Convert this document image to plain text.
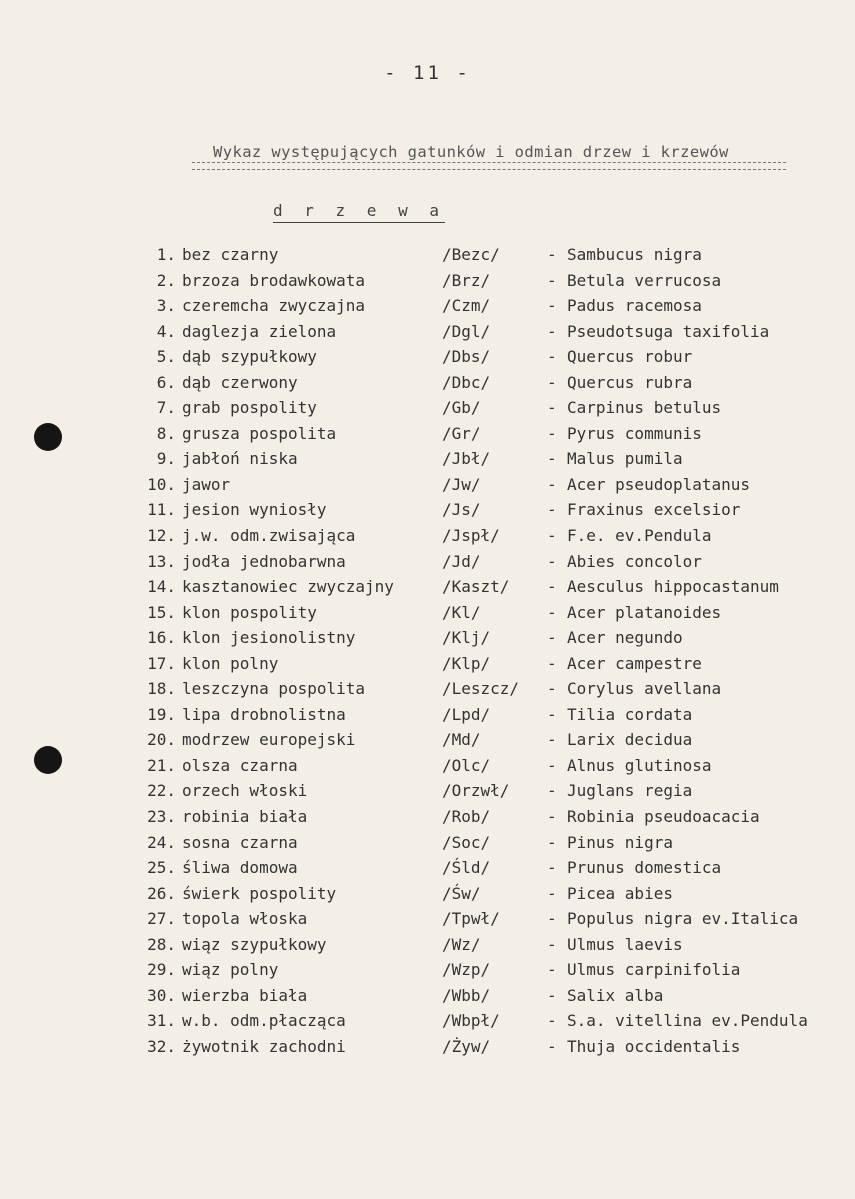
- 11 -
Wykaz występujących gatunków i odmian drzew i krzewów
d r z e w a
1. bez czarny	/Bezc/	- Sambucus nigra
2. brzoza brodawkowata	/Brz/	- Betula verrucosa
3. czeremcha zwyczajna	/Czm/	- Padus racemosa
4. daglezja zielona	/Dgl/	- Pseudotsuga taxifolia
5. dąb szypułkowy	/Dbs/	- Quercus robur
6. dąb czerwony	/Dbc/	- Quercus rubra
7. grab pospolity	/Gb/	- Carpinus betulus
8. grusza pospolita	/Gr/	- Pyrus communis
9. jabłoń niska	/Jbł/	- Malus pumila
10. jawor	/Jw/	- Acer pseudoplatanus
11. jesion wyniosły	/Js/	- Fraxinus excelsior
12. j.w. odm.zwisająca	/Jspł/	- F.e. ev.Pendula
13. jodła jednobarwna	/Jd/	- Abies concolor
14. kasztanowiec zwyczajny	/Kaszt/ - Aesculus hippocastanum
15. klon pospolity	/Kl/	- Acer platanoides
16. klon jesionolistny	/Klj/	- Acer negundo
17. klon polny	/Klp/	- Acer campestre
18. leszczyna pospolita	/Leszcz/ - Corylus avellana
19. lipa drobnolistna	/Lpd/	- Tilia cordata
20. modrzew europejski	/Md/	- Larix decidua
21. olsza czarna	/Olc/	- Alnus glutinosa
22. orzech włoski	/Orzwł/ - Juglans regia
23. robinia biała	/Rob/	- Robinia pseudoacacia
24. sosna czarna	/Soc/	- Pinus nigra
25. śliwa domowa	/Śld/	- Prunus domestica
26. świerk pospolity	/Św/	- Picea abies
27. topola włoska	/Tpwł/	- Populus nigra ev.Italica
28. wiąz szypułkowy	/Wz/	- Ulmus laevis
29. wiąz polny	/Wzp/	- Ulmus carpinifolia
30. wierzba biała	/Wbb/	- Salix alba
31. w.b. odm.płacząca	/Wbpł/	- S.a. vitellina ev.Pendula
32. żywotnik zachodni	/Żyw/	- Thuja occidentalis
